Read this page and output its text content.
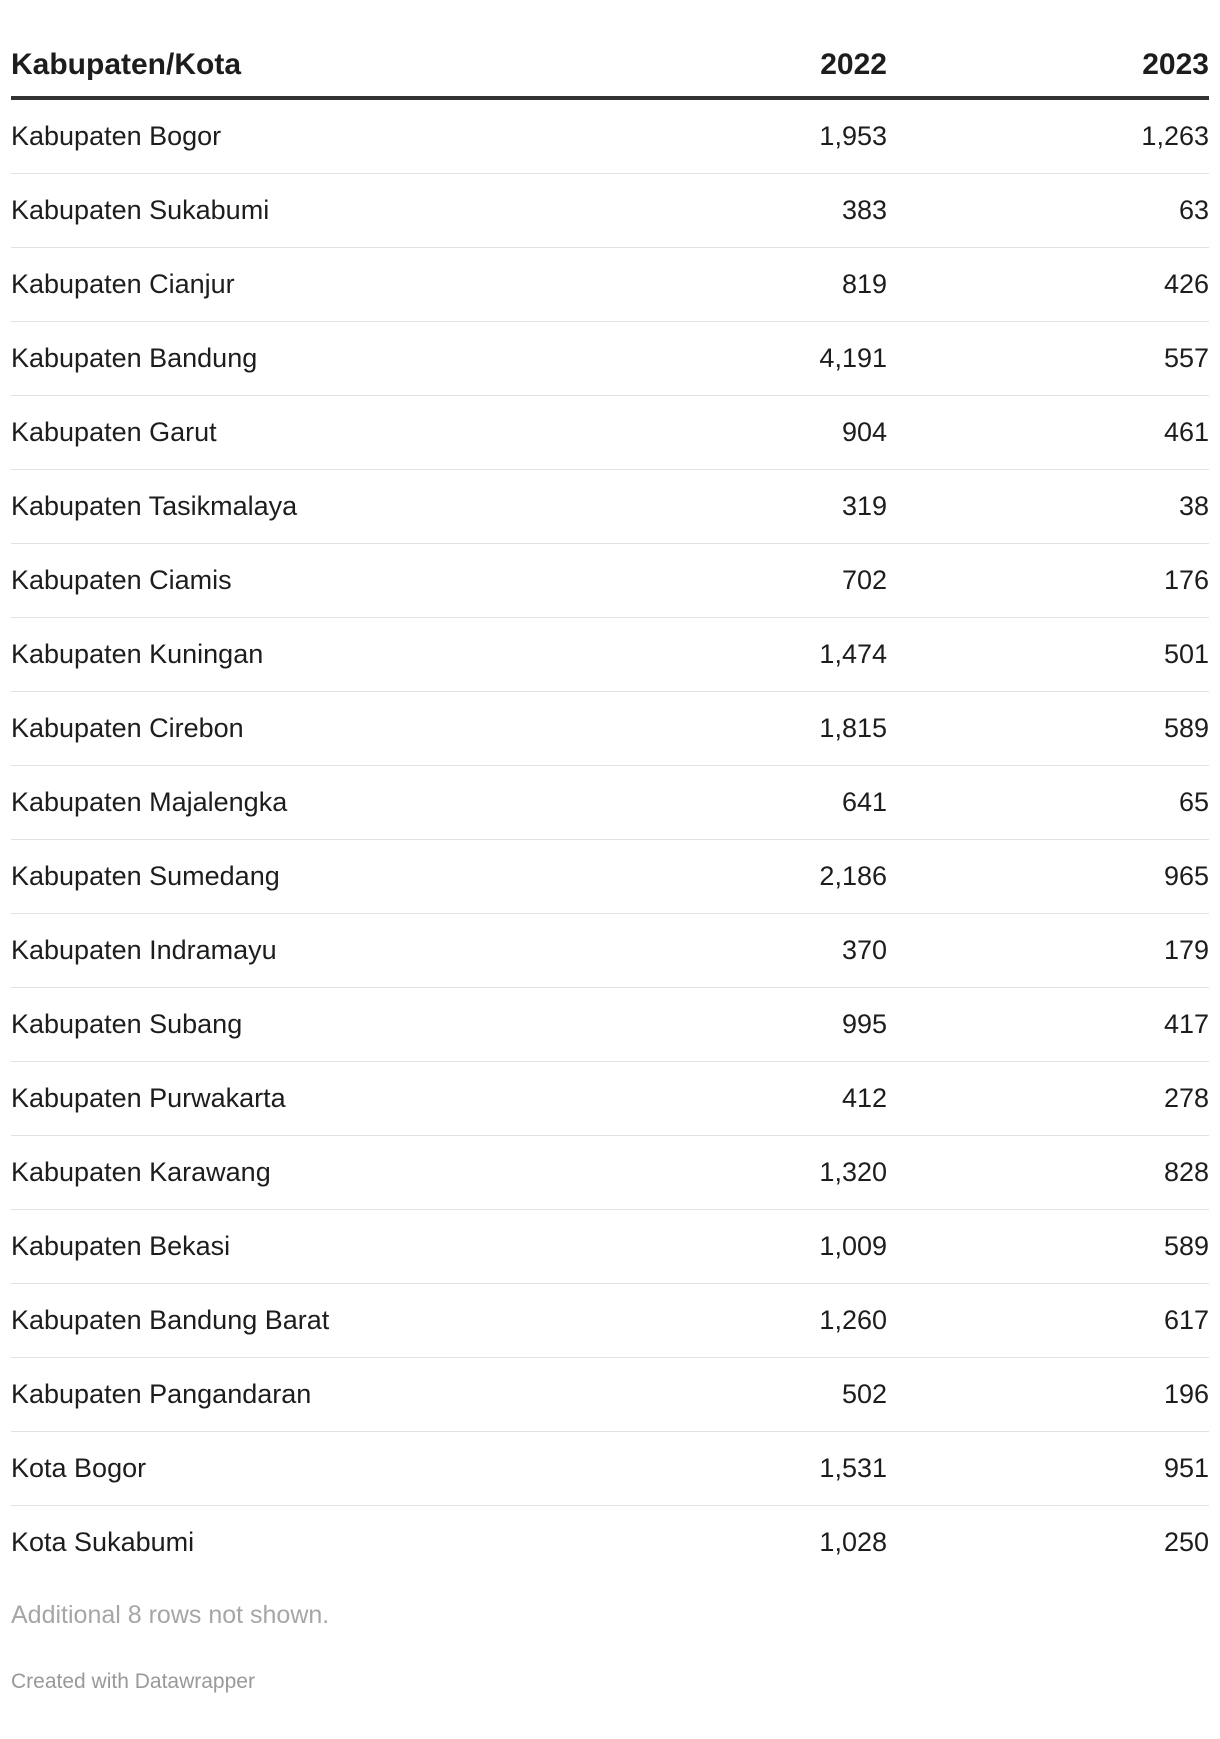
Kabupaten/Kota	2022	2023
Kabupaten Bogor	1,953	1,263
Kabupaten Sukabumi	383	63
Kabupaten Cianjur	819	426
Kabupaten Bandung	4,191	557
Kabupaten Garut	904	461
Kabupaten Tasikmalaya	319	38
Kabupaten Ciamis	702	176
Kabupaten Kuningan	1,474	501
Kabupaten Cirebon	1,815	589
Kabupaten Majalengka	641	65
Kabupaten Sumedang	2,186	965
Kabupaten Indramayu	370	179
Kabupaten Subang	995	417
Kabupaten Purwakarta	412	278
Kabupaten Karawang	1,320	828
Kabupaten Bekasi	1,009	589
Kabupaten Bandung Barat	1,260	617
Kabupaten Pangandaran	502	196
Kota Bogor	1,531	951
Kota Sukabumi	1,028	250
Additional 8 rows not shown.
Created with Datawrapper
